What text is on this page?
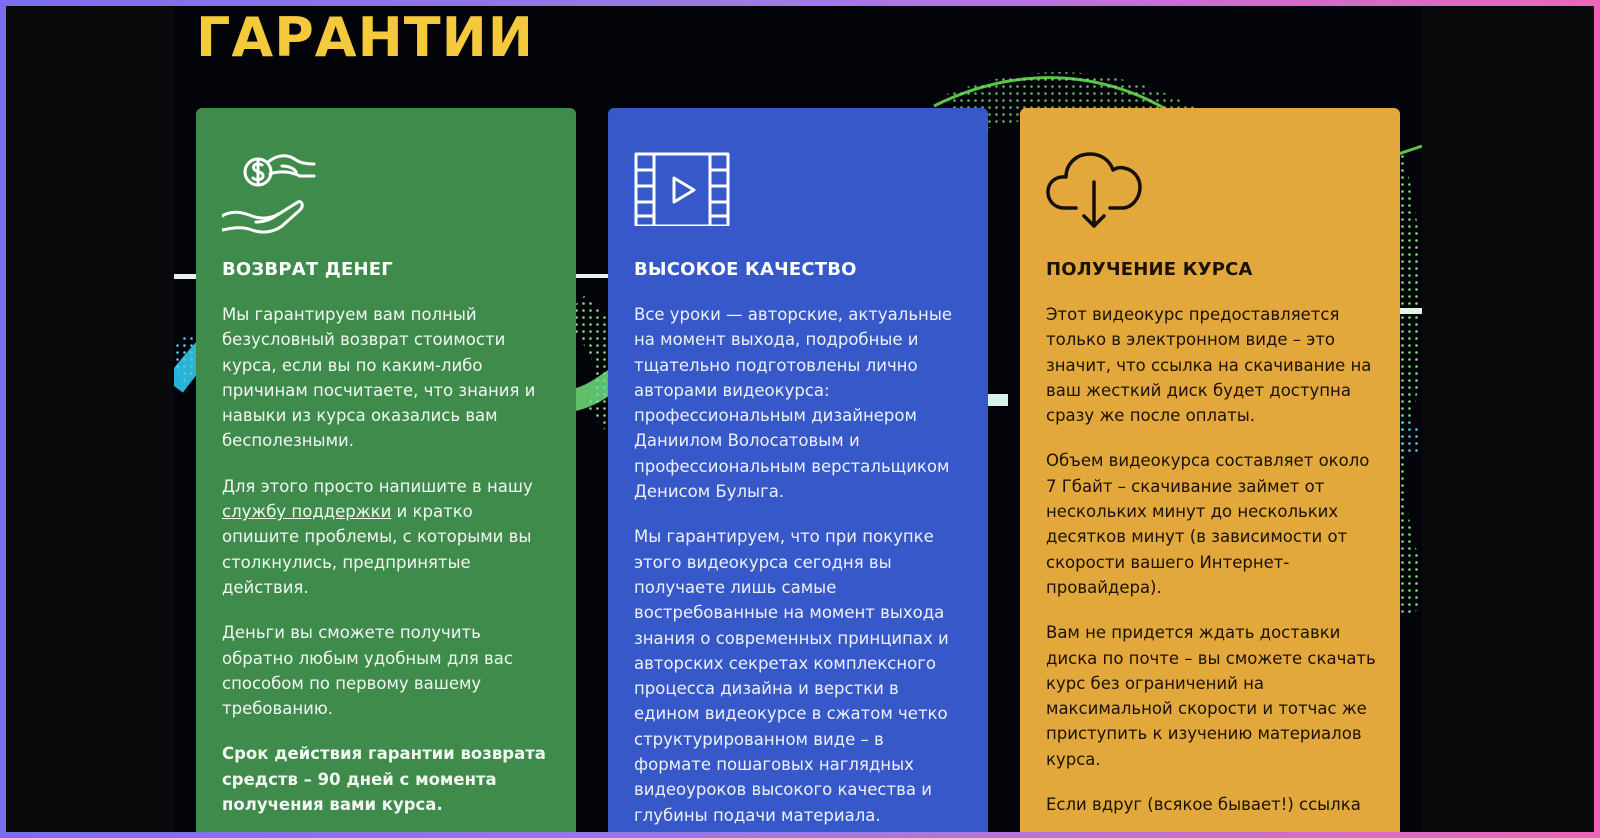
ГАРАНТИИ
ВОЗВРАТ ДЕНЕГ

Мы гарантируем вам полный безусловный возврат стоимости курса, если вы по каким-либо причинам посчитаете, что знания и навыки из курса оказались вам бесполезными.

Для этого просто напишите в нашу службу поддержки и кратко опишите проблемы, с которыми вы столкнулись, предпринятые действия.

Деньги вы сможете получить обратно любым удобным для вас способом по первому вашему требованию.

Срок действия гарантии возврата средств – 90 дней с момента получения вами курса.

ВЫСОКОЕ КАЧЕСТВО

Все уроки — авторские, актуальные на момент выхода, подробные и тщательно подготовлены лично авторами видеокурса: профессиональным дизайнером Даниилом Волосатовым и профессиональным верстальщиком Денисом Булыга.

Мы гарантируем, что при покупке этого видеокурса сегодня вы получаете лишь самые востребованные на момент выхода знания о современных принципах и авторских секретах комплексного процесса дизайна и верстки в едином видеокурсе в сжатом четко структурированном виде – в формате пошаговых наглядных видеоуроков высокого качества и глубины подачи материала.

ПОЛУЧЕНИЕ КУРСА

Этот видеокурс предоставляется только в электронном виде – это значит, что ссылка на скачивание на ваш жесткий диск будет доступна сразу же после оплаты.

Объем видеокурса составляет около 7 Гбайт – скачивание займет от нескольких минут до нескольких десятков минут (в зависимости от скорости вашего Интернет-провайдера).

Вам не придется ждать доставки диска по почте – вы сможете скачать курс без ограничений на максимальной скорости и тотчас же приступить к изучению материалов курса.

Если вдруг (всякое бывает!) ссылка
